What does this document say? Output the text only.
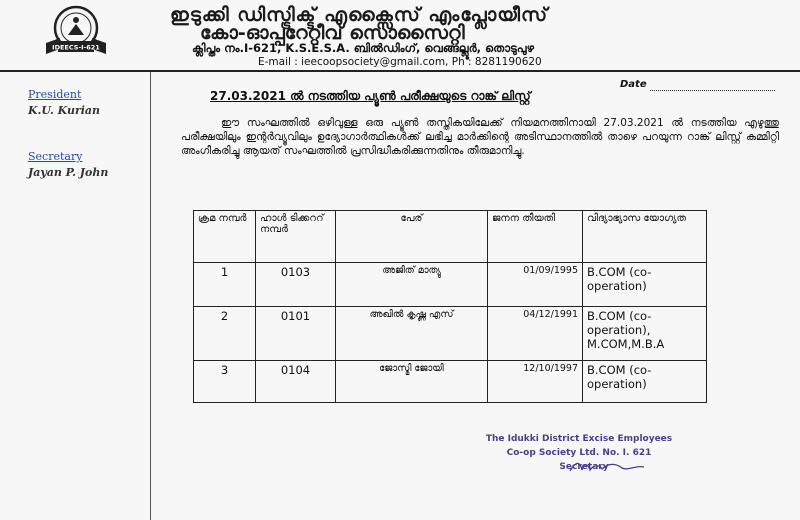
IDEECS-I-621
ഇടുക്കി ഡിസ്ട്രിക്ട് എക്സൈസ് എംപ്ലോയീസ്
കോ-ഓപ്പറേറ്റീവ് സൊസൈറ്റി
ക്ലിപ്തം നം.I-621, K.S.E.S.A. ബിൽഡിംഗ്, വെങ്ങല്ലൂർ, തൊടുപുഴ
E-mail : ieecoopsociety@gmail.com, Ph : 8281190620
Date
President
K.U. Kurian
Secretary
Jayan P. John
27.03.2021 ൽ നടത്തിയ പ്യൂൺ പരീക്ഷയുടെ റാങ്ക് ലിസ്റ്റ്

ഈ സംഘത്തിൽ ഒഴിവുള്ള ഒരു പ്യൂൺ തസ്തികയിലേക്ക് നിയമനത്തിനായി 27.03.2021 ൽ നടത്തിയ എഴുത്തു പരീക്ഷയിലും ഇന്റർവ്യൂവിലും ഉദ്യോഗാർത്ഥികൾക്ക് ലഭിച്ച മാർക്കിന്റെ അടിസ്ഥാനത്തിൽ താഴെ പറയുന്ന റാങ്ക് ലിസ്റ്റ് കമ്മിറ്റി അംഗീകരിച്ചു ആയത് സംഘത്തിൽ പ്രസിദ്ധീകരിക്കുന്നതിനും തീരുമാനിച്ചു.

ക്രമ നമ്പർ	ഹാൾ ടിക്കററ് നമ്പർ	പേര്	ജനന തീയതി	വിദ്യാഭ്യാസ യോഗ്യത
1	0103	അജിത് മാത്യു	01/09/1995	B.COM (co-operation)
2	0101	അഖിൽ കൃഷ്ണ എസ്	04/12/1991	B.COM (co-operation), M.COM,M.B.A
3	0104	ജോസ്മി ജോയി	12/10/1997	B.COM (co-operation)
The Idukki District Excise Employees
Co-op Society Ltd. No. I. 621
Secretary
